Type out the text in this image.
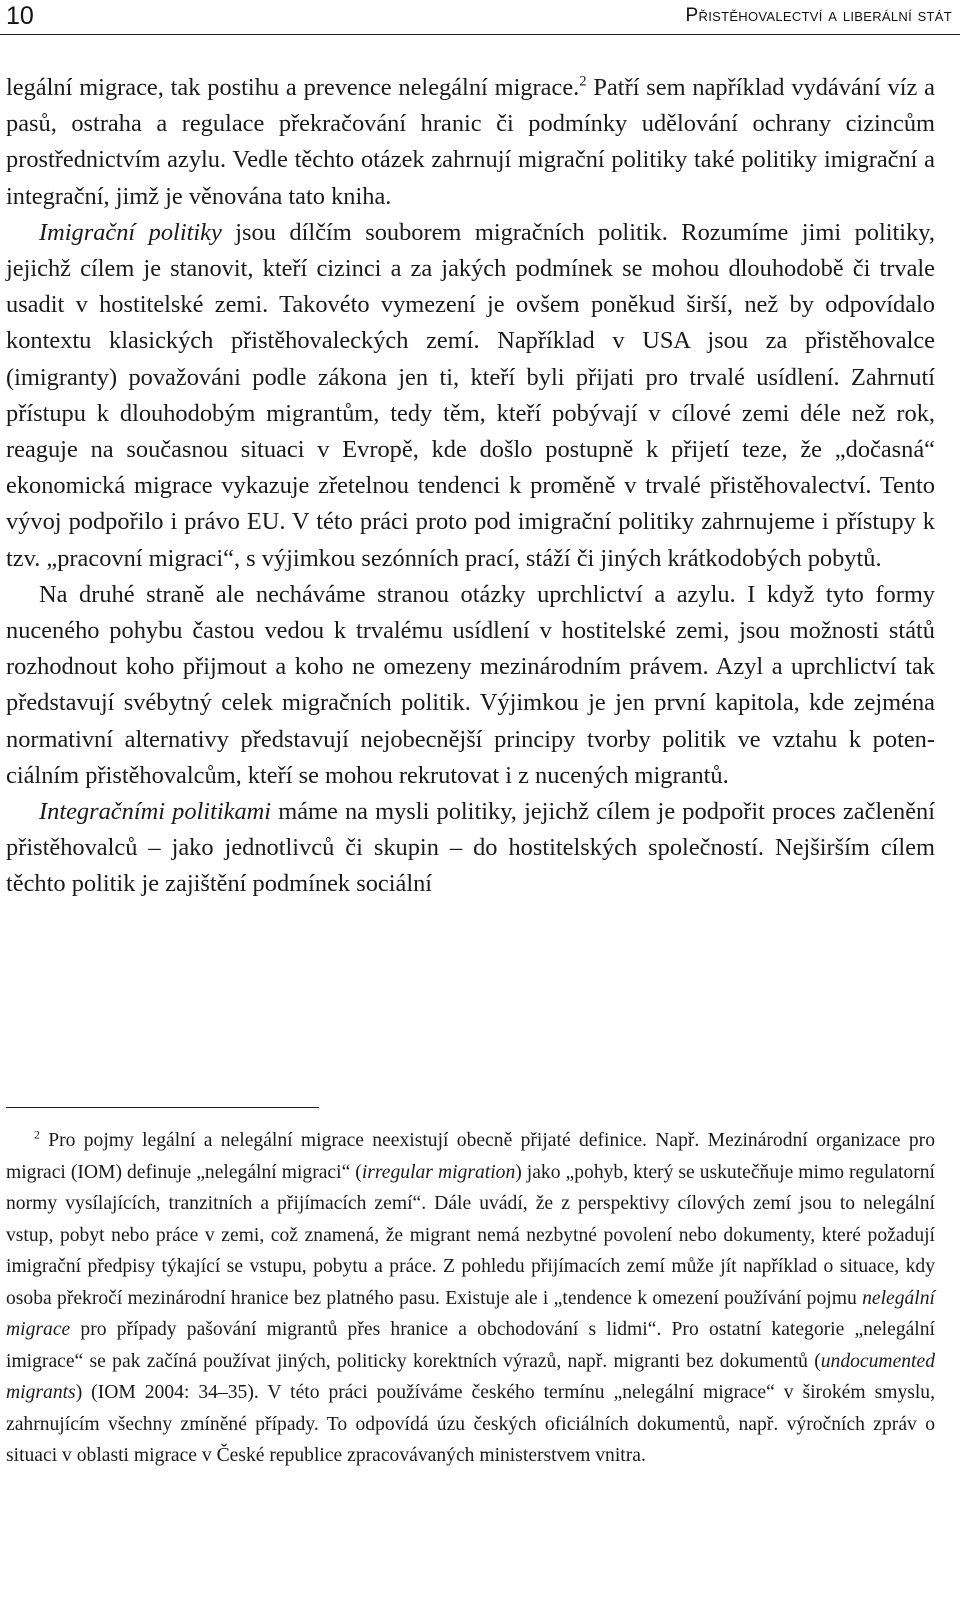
10	Přistěhovalectví a liberální stát

legální migrace, tak postihu a prevence nelegální migrace.$^2$ Patří sem například vydávání víz a pasů, ostraha a regulace překračování hranic či podmínky udělování ochrany cizincům prostřednictvím azylu. Vedle těchto otázek zahrnují migrační politiky také politiky imigrační a integrační, jimž je věnována tato kniha.

Imigrační politiky jsou dílčím souborem migračních politik. Rozumíme jimi politiky, jejichž cílem je stanovit, kteří cizinci a za jakých podmínek se mohou dlouhodobě či trvale usadit v hostitelské zemi. Takovéto vymezení je ovšem poněkud širší, než by odpovídalo kontextu klasických přistěhovaleckých zemí. Například v USA jsou za přistěhovalce (imigranty) považováni podle zákona jen ti, kteří byli přijati pro trvalé usídlení. Zahrnutí přístupu k dlouhodobým migrantům, tedy těm, kteří pobývají v cílové zemi déle než rok, reaguje na současnou situaci v Evropě, kde došlo postupně k přijetí teze, že „dočasná“ ekonomická migrace vykazuje zřetelnou tendenci k proměně v trvalé přistěhovalectví. Tento vývoj podpořilo i právo EU. V této práci proto pod imigrační politiky zahrnujeme i přístupy k tzv. „pracovní migraci“, s výjimkou sezónních prací, stáží či jiných krátkodobých pobytů.

Na druhé straně ale necháváme stranou otázky uprchlictví a azylu. I když tyto formy nuceného pohybu častou vedou k trvalému usídlení v hostitelské zemi, jsou možnosti států rozhodnout koho přijmout a koho ne omezeny mezinárodním právem. Azyl a uprchlictví tak představují svébytný celek migračních politik. Výjimkou je jen první kapitola, kde zejména normativní alternativy představují nejobecnější principy tvorby politik ve vztahu k potenciálním přistěhovalcům, kteří se mohou rekrutovat i z nucených migrantů.

Integračními politikami máme na mysli politiky, jejichž cílem je podpořit proces začlenění přistěhovalců – jako jednotlivců či skupin – do hostitelských společností. Nejširším cílem těchto politik je zajištění podmínek sociální

$^2$ Pro pojmy legální a nelegální migrace neexistují obecně přijaté definice. Např. Mezinárodní organizace pro migraci (IOM) definuje „nelegální migraci“ (irregular migration) jako „pohyb, který se uskutečňuje mimo regulatorní normy vysílajících, tranzitních a přijímacích zemí“. Dále uvádí, že z perspektivy cílových zemí jsou to nelegální vstup, pobyt nebo práce v zemi, což znamená, že migrant nemá nezbytné povolení nebo dokumenty, které požadují imigrační předpisy týkající se vstupu, pobytu a práce. Z pohledu přijímacích zemí může jít například o situace, kdy osoba překročí mezinárodní hranice bez platného pasu. Existuje ale i „tendence k omezení používání pojmu nelegální migrace pro případy pašování migrantů přes hranice a obchodování s lidmi“. Pro ostatní kategorie „nelegální imigrace“ se pak začíná používat jiných, politicky korektních výrazů, např. migranti bez dokumentů (undocumented migrants) (IOM 2004: 34–35). V této práci používáme českého termínu „nelegální migrace“ v širokém smyslu, zahrnujícím všechny zmíněné případy. To odpovídá úzu českých oficiálních dokumentů, např. výročních zpráv o situaci v oblasti migrace v České republice zpracovávaných ministerstvem vnitra.
